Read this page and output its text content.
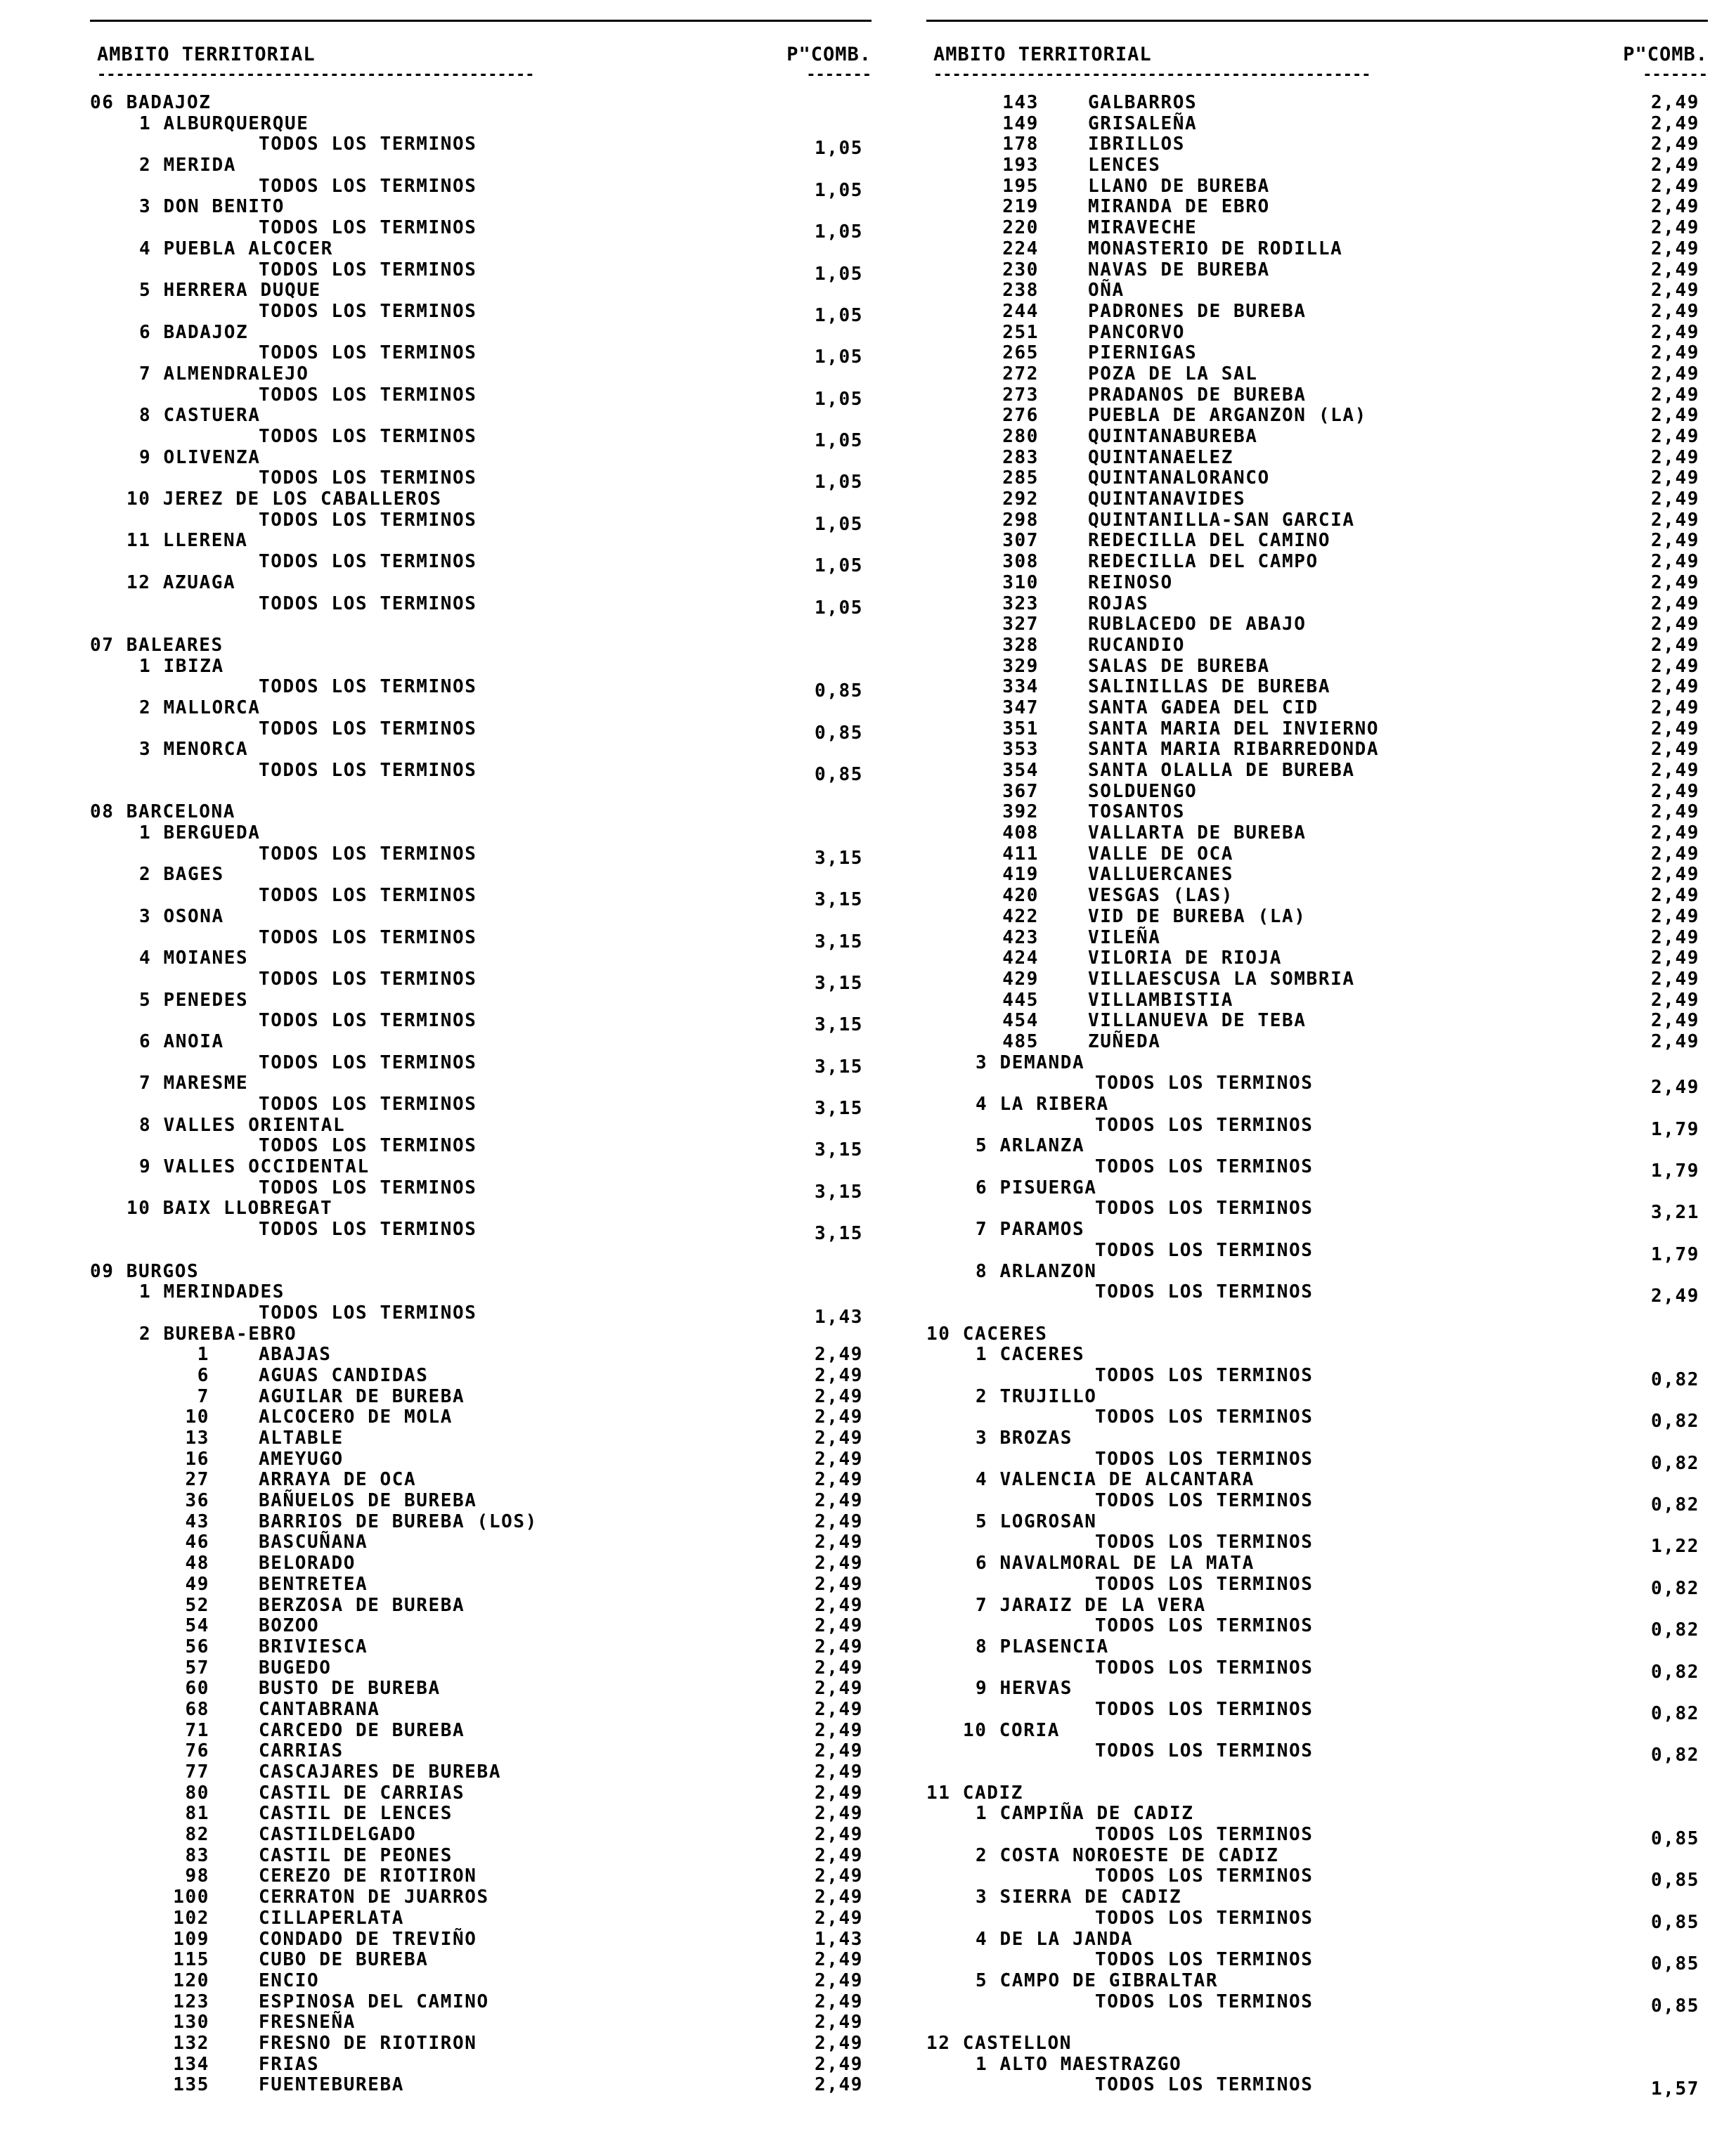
AMBITO TERRITORIAL	P"COMB.
-----------------------------------------------	-------
06 BADAJOZ
1 ALBURQUERQUE
TODOS LOS TERMINOS	1,05
2 MERIDA
TODOS LOS TERMINOS	1,05
3 DON BENITO
TODOS LOS TERMINOS	1,05
4 PUEBLA ALCOCER
TODOS LOS TERMINOS	1,05
5 HERRERA DUQUE
TODOS LOS TERMINOS	1,05
6 BADAJOZ
TODOS LOS TERMINOS	1,05
7 ALMENDRALEJO
TODOS LOS TERMINOS	1,05
8 CASTUERA
TODOS LOS TERMINOS	1,05
9 OLIVENZA
TODOS LOS TERMINOS	1,05
10 JEREZ DE LOS CABALLEROS
TODOS LOS TERMINOS	1,05
11 LLERENA
TODOS LOS TERMINOS	1,05
12 AZUAGA
TODOS LOS TERMINOS	1,05
07 BALEARES
1 IBIZA
TODOS LOS TERMINOS	0,85
2 MALLORCA
TODOS LOS TERMINOS	0,85
3 MENORCA
TODOS LOS TERMINOS	0,85
08 BARCELONA
1 BERGUEDA
TODOS LOS TERMINOS	3,15
2 BAGES
TODOS LOS TERMINOS	3,15
3 OSONA
TODOS LOS TERMINOS	3,15
4 MOIANES
TODOS LOS TERMINOS	3,15
5 PENEDES
TODOS LOS TERMINOS	3,15
6 ANOIA
TODOS LOS TERMINOS	3,15
7 MARESME
TODOS LOS TERMINOS	3,15
8 VALLES ORIENTAL
TODOS LOS TERMINOS	3,15
9 VALLES OCCIDENTAL
TODOS LOS TERMINOS	3,15
10 BAIX LLOBREGAT
TODOS LOS TERMINOS	3,15
09 BURGOS
1 MERINDADES
TODOS LOS TERMINOS	1,43
2 BUREBA-EBRO
1	ABAJAS	2,49
6	AGUAS CANDIDAS	2,49
7	AGUILAR DE BUREBA	2,49
10	ALCOCERO DE MOLA	2,49
13	ALTABLE	2,49
16	AMEYUGO	2,49
27	ARRAYA DE OCA	2,49
36	BAÑUELOS DE BUREBA	2,49
43	BARRIOS DE BUREBA (LOS)	2,49
46	BASCUÑANA	2,49
48	BELORADO	2,49
49	BENTRETEA	2,49
52	BERZOSA DE BUREBA	2,49
54	BOZOO	2,49
56	BRIVIESCA	2,49
57	BUGEDO	2,49
60	BUSTO DE BUREBA	2,49
68	CANTABRANA	2,49
71	CARCEDO DE BUREBA	2,49
76	CARRIAS	2,49
77	CASCAJARES DE BUREBA	2,49
80	CASTIL DE CARRIAS	2,49
81	CASTIL DE LENCES	2,49
82	CASTILDELGADO	2,49
83	CASTIL DE PEONES	2,49
98	CEREZO DE RIOTIRON	2,49
100	CERRATON DE JUARROS	2,49
102	CILLAPERLATA	2,49
109	CONDADO DE TREVIÑO	1,43
115	CUBO DE BUREBA	2,49
120	ENCIO	2,49
123	ESPINOSA DEL CAMINO	2,49
130	FRESNEÑA	2,49
132	FRESNO DE RIOTIRON	2,49
134	FRIAS	2,49
135	FUENTEBUREBA	2,49
AMBITO TERRITORIAL	P"COMB.
-----------------------------------------------	-------
143	GALBARROS	2,49
149	GRISALEÑA	2,49
178	IBRILLOS	2,49
193	LENCES	2,49
195	LLANO DE BUREBA	2,49
219	MIRANDA DE EBRO	2,49
220	MIRAVECHE	2,49
224	MONASTERIO DE RODILLA	2,49
230	NAVAS DE BUREBA	2,49
238	OÑA	2,49
244	PADRONES DE BUREBA	2,49
251	PANCORVO	2,49
265	PIERNIGAS	2,49
272	POZA DE LA SAL	2,49
273	PRADANOS DE BUREBA	2,49
276	PUEBLA DE ARGANZON (LA)	2,49
280	QUINTANABUREBA	2,49
283	QUINTANAELEZ	2,49
285	QUINTANALORANCO	2,49
292	QUINTANAVIDES	2,49
298	QUINTANILLA-SAN GARCIA	2,49
307	REDECILLA DEL CAMINO	2,49
308	REDECILLA DEL CAMPO	2,49
310	REINOSO	2,49
323	ROJAS	2,49
327	RUBLACEDO DE ABAJO	2,49
328	RUCANDIO	2,49
329	SALAS DE BUREBA	2,49
334	SALINILLAS DE BUREBA	2,49
347	SANTA GADEA DEL CID	2,49
351	SANTA MARIA DEL INVIERNO	2,49
353	SANTA MARIA RIBARREDONDA	2,49
354	SANTA OLALLA DE BUREBA	2,49
367	SOLDUENGO	2,49
392	TOSANTOS	2,49
408	VALLARTA DE BUREBA	2,49
411	VALLE DE OCA	2,49
419	VALLUERCANES	2,49
420	VESGAS (LAS)	2,49
422	VID DE BUREBA (LA)	2,49
423	VILEÑA	2,49
424	VILORIA DE RIOJA	2,49
429	VILLAESCUSA LA SOMBRIA	2,49
445	VILLAMBISTIA	2,49
454	VILLANUEVA DE TEBA	2,49
485	ZUÑEDA	2,49
3 DEMANDA
TODOS LOS TERMINOS	2,49
4 LA RIBERA
TODOS LOS TERMINOS	1,79
5 ARLANZA
TODOS LOS TERMINOS	1,79
6 PISUERGA
TODOS LOS TERMINOS	3,21
7 PARAMOS
TODOS LOS TERMINOS	1,79
8 ARLANZON
TODOS LOS TERMINOS	2,49
10 CACERES
1 CACERES
TODOS LOS TERMINOS	0,82
2 TRUJILLO
TODOS LOS TERMINOS	0,82
3 BROZAS
TODOS LOS TERMINOS	0,82
4 VALENCIA DE ALCANTARA
TODOS LOS TERMINOS	0,82
5 LOGROSAN
TODOS LOS TERMINOS	1,22
6 NAVALMORAL DE LA MATA
TODOS LOS TERMINOS	0,82
7 JARAIZ DE LA VERA
TODOS LOS TERMINOS	0,82
8 PLASENCIA
TODOS LOS TERMINOS	0,82
9 HERVAS
TODOS LOS TERMINOS	0,82
10 CORIA
TODOS LOS TERMINOS	0,82
11 CADIZ
1 CAMPIÑA DE CADIZ
TODOS LOS TERMINOS	0,85
2 COSTA NOROESTE DE CADIZ
TODOS LOS TERMINOS	0,85
3 SIERRA DE CADIZ
TODOS LOS TERMINOS	0,85
4 DE LA JANDA
TODOS LOS TERMINOS	0,85
5 CAMPO DE GIBRALTAR
TODOS LOS TERMINOS	0,85
12 CASTELLON
1 ALTO MAESTRAZGO
TODOS LOS TERMINOS	1,57
